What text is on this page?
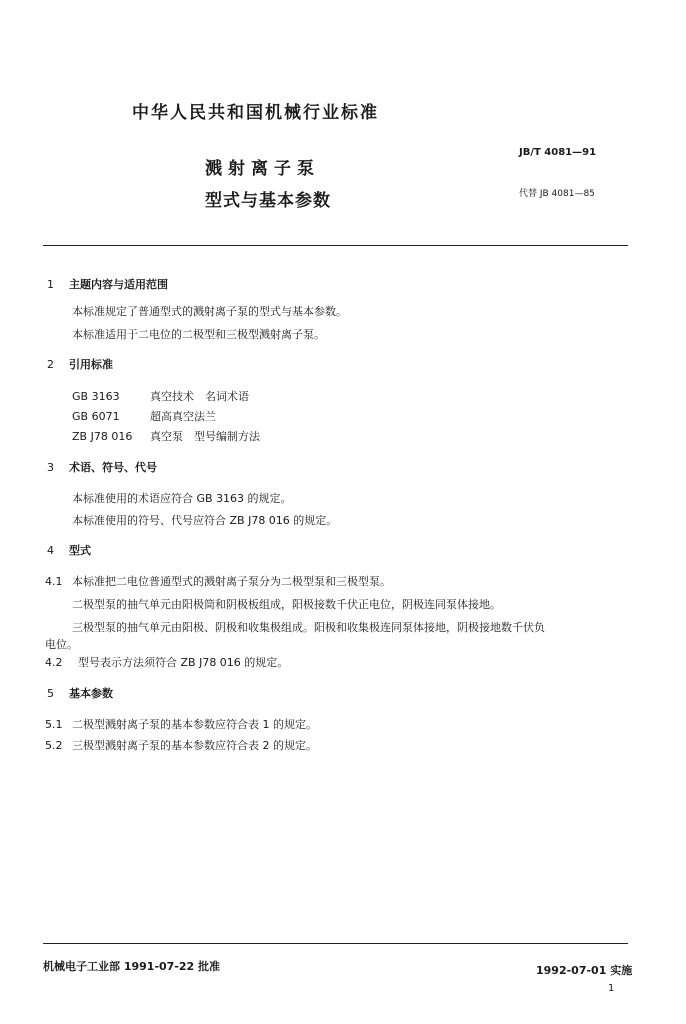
中华人民共和国机械行业标准
JB/T 4081—91
溅射离子泵
型式与基本参数	代替 JB 4081—85
1 主题内容与适用范围
本标准规定了普通型式的溅射离子泵的型式与基本参数。
本标准适用于二电位的二极型和三极型溅射离子泵。
2 引用标准
GB 3163	真空技术　名词术语
GB 6071	超高真空法兰
ZB J78 016 真空泵　型号编制方法
3 术语、符号、代号
本标准使用的术语应符合 GB 3163 的规定。
本标准使用的符号、代号应符合 ZB J78 016 的规定。
4 型式
4.1 本标准把二电位普通型式的溅射离子泵分为二极型泵和三极型泵。
二极型泵的抽气单元由阳极筒和阴极板组成，阳极接数千伏正电位，阴极连同泵体接地。
三极型泵的抽气单元由阳极、阴极和收集极组成。阳极和收集极连同泵体接地，阴极接地数千伏负
电位。
4.2 型号表示方法须符合 ZB J78 016 的规定。
5 基本参数
5.1 二极型溅射离子泵的基本参数应符合表 1 的规定。
5.2 三极型溅射离子泵的基本参数应符合表 2 的规定。
机械电子工业部 1991-07-22 批准	1992-07-01 实施
1
